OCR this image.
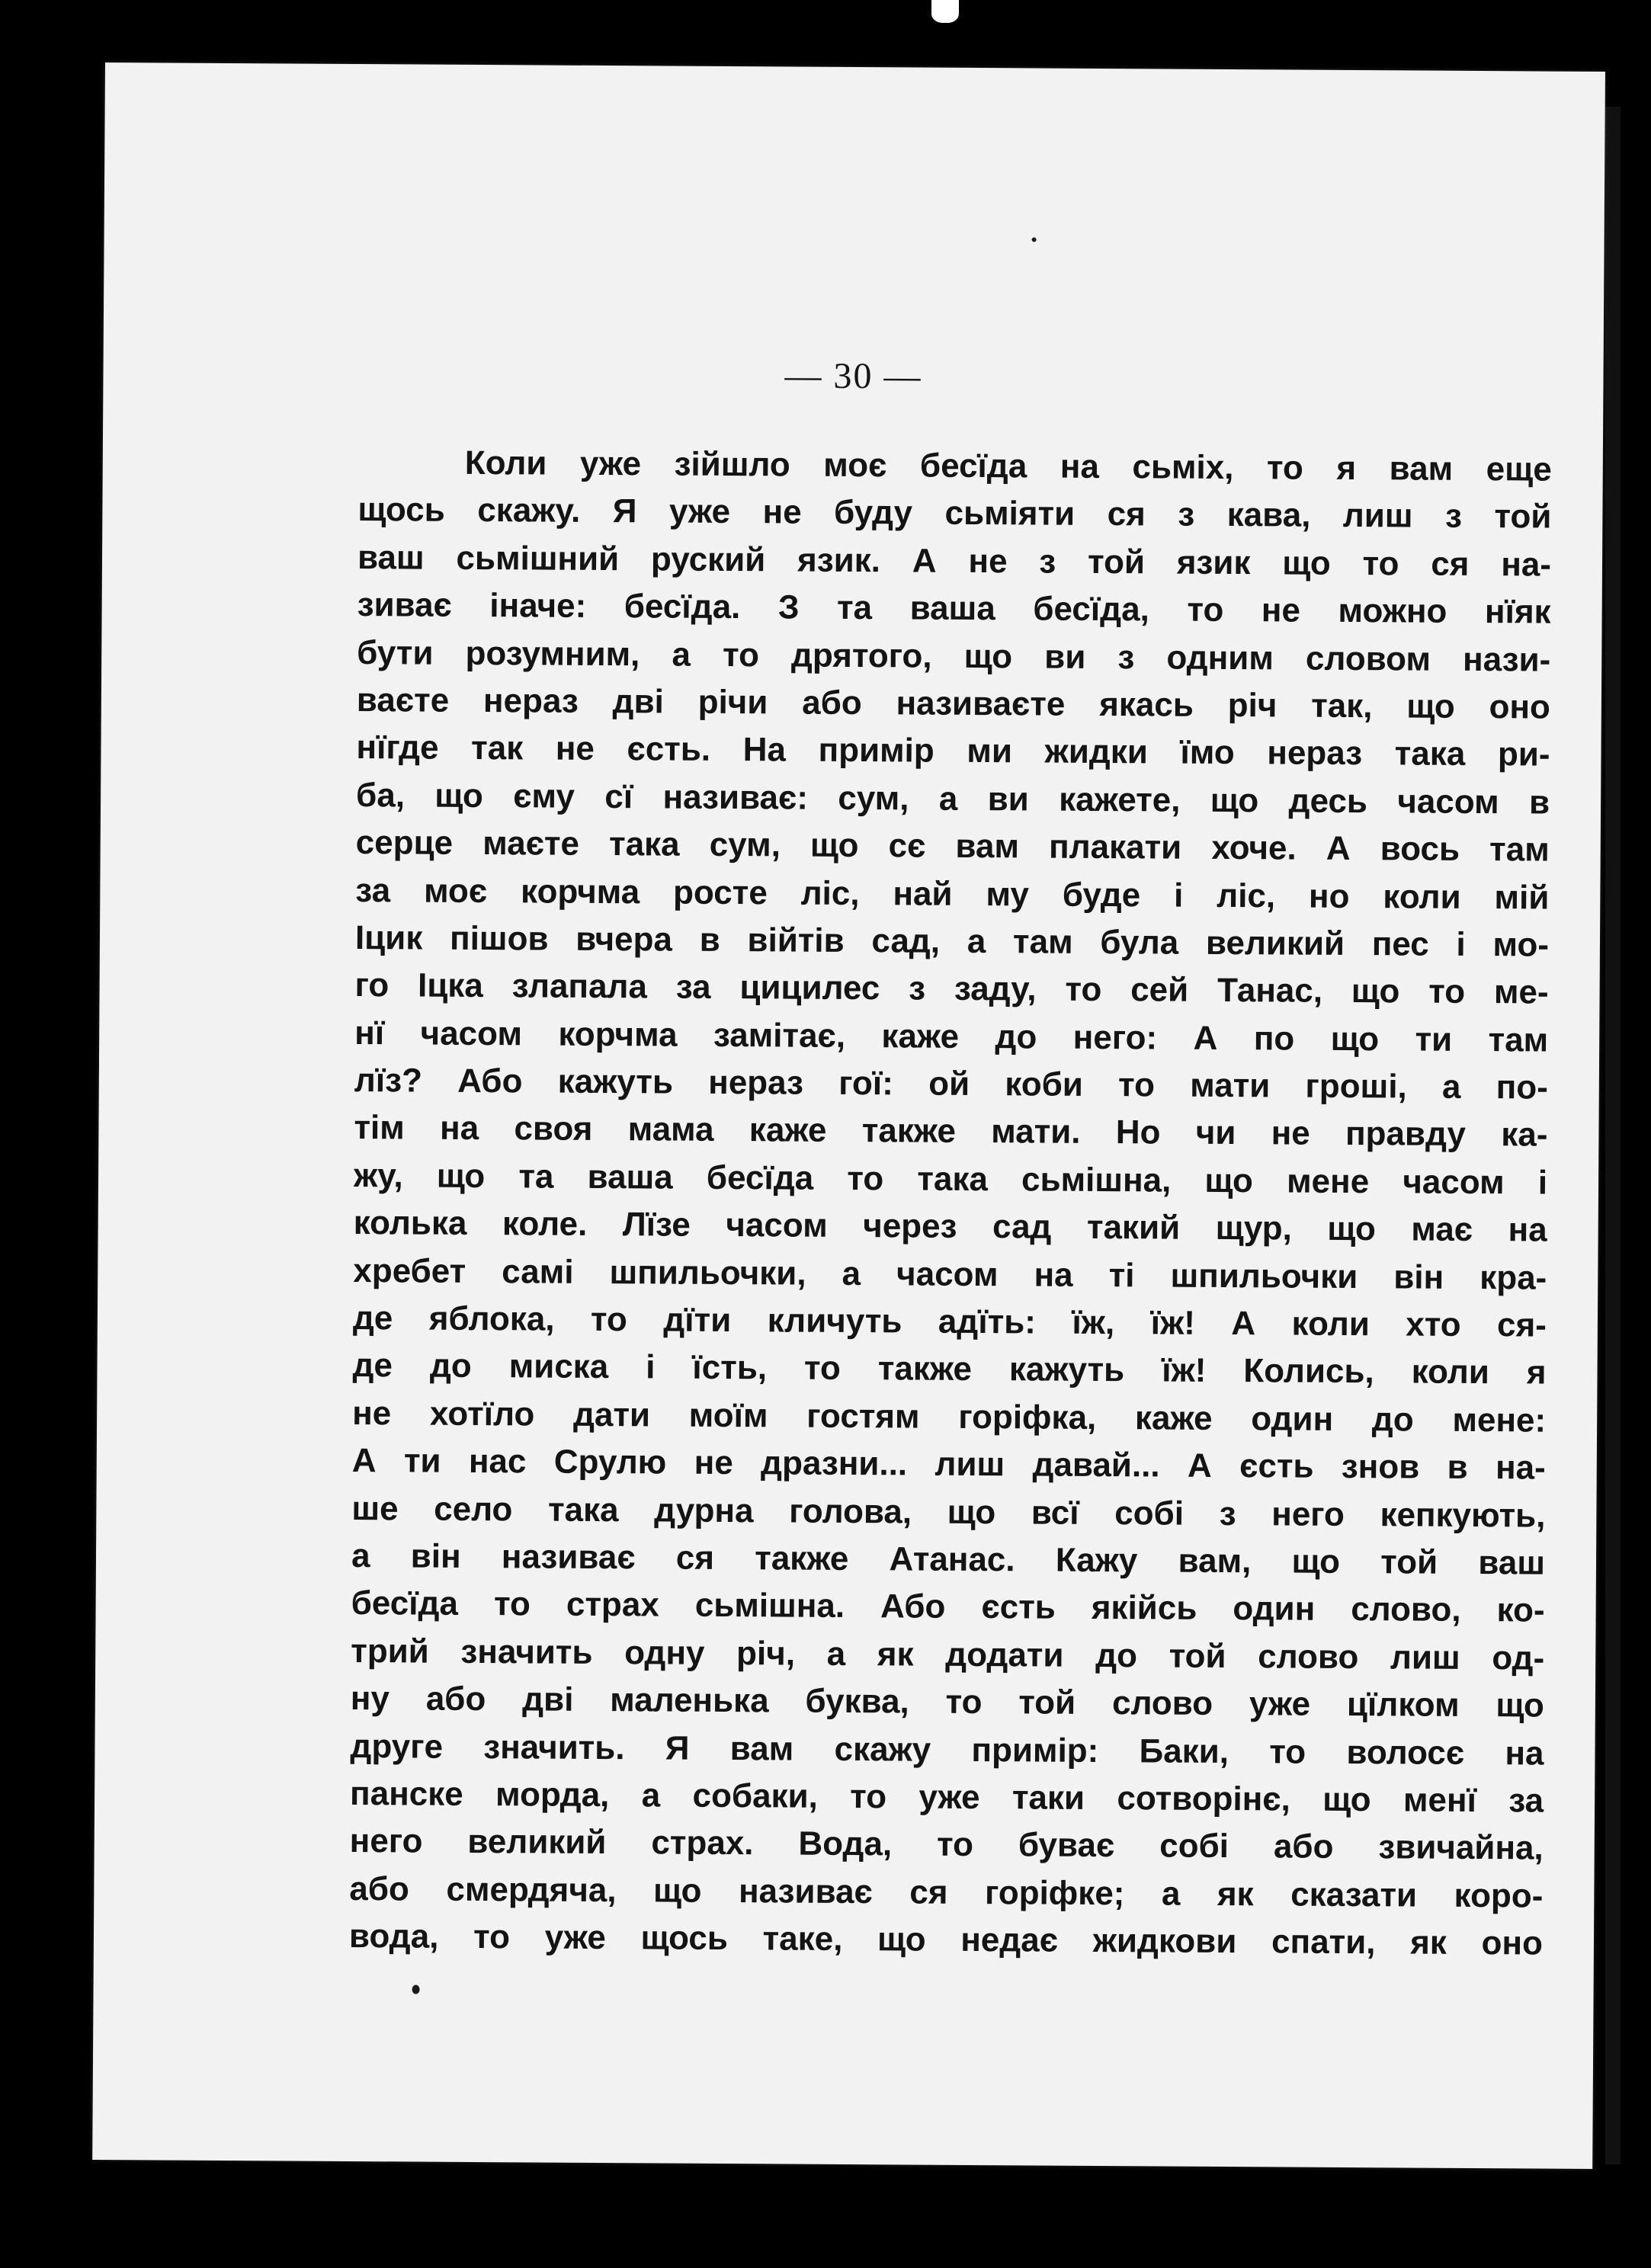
— 30 —
Коли уже зійшло моє бесїда на сьміх, то я вам еще
щось скажу. Я уже не буду сьміяти ся з кава, лиш з той
ваш сьмішний руский язик. А не з той язик що то ся на-
зиває іначе: бесїда. З та ваша бесїда, то не можно нїяк
бути розумним, а то дрятого, що ви з одним словом нази-
ваєте нераз дві річи або називаєте якась річ так, що оно
нїгде так не єсть. На примір ми жидки їмо нераз така ри-
ба, що єму сї називає: сум, а ви кажете, що десь часом в
серце маєте така сум, що сє вам плакати хоче. А вось там
за моє корчма росте ліс, най му буде і ліс, но коли мій
Іцик пішов вчера в війтів сад, а там була великий пес і мо-
го Іцка злапала за цицилес з заду, то сей Танас, що то ме-
нї часом корчма замітає, каже до него: А по що ти там
лїз? Або кажуть нераз гої: ой коби то мати гроші, а по-
тім на своя мама каже также мати. Но чи не правду ка-
жу, що та ваша бесїда то така сьмішна, що мене часом і
колька коле. Лїзе часом через сад такий щур, що має на
хребет самі шпильочки, а часом на ті шпильочки він кра-
де яблока, то дїти кличуть адїть: їж, їж! А коли хто ся-
де до миска і їсть, то также кажуть їж! Колись, коли я
не хотїло дати моїм гостям горіфка, каже один до мене:
А ти нас Срулю не дразни... лиш давай... А єсть знов в на-
ше село така дурна голова, що всї собі з него кепкують,
а він називає ся также Атанас. Кажу вам, що той ваш
бесїда то страх сьмішна. Або єсть якійсь один слово, ко-
трий значить одну річ, а як додати до той слово лиш од-
ну або дві маленька буква, то той слово уже цїлком що
друге значить. Я вам скажу примір: Баки, то волосє на
панске морда, а собаки, то уже таки сотворінє, що менї за
него великий страх. Вода, то буває собі або звичайна,
або смердяча, що називає ся горіфке; а як сказати коро-
вода, то уже щось таке, що недає жидкови спати, як оно
